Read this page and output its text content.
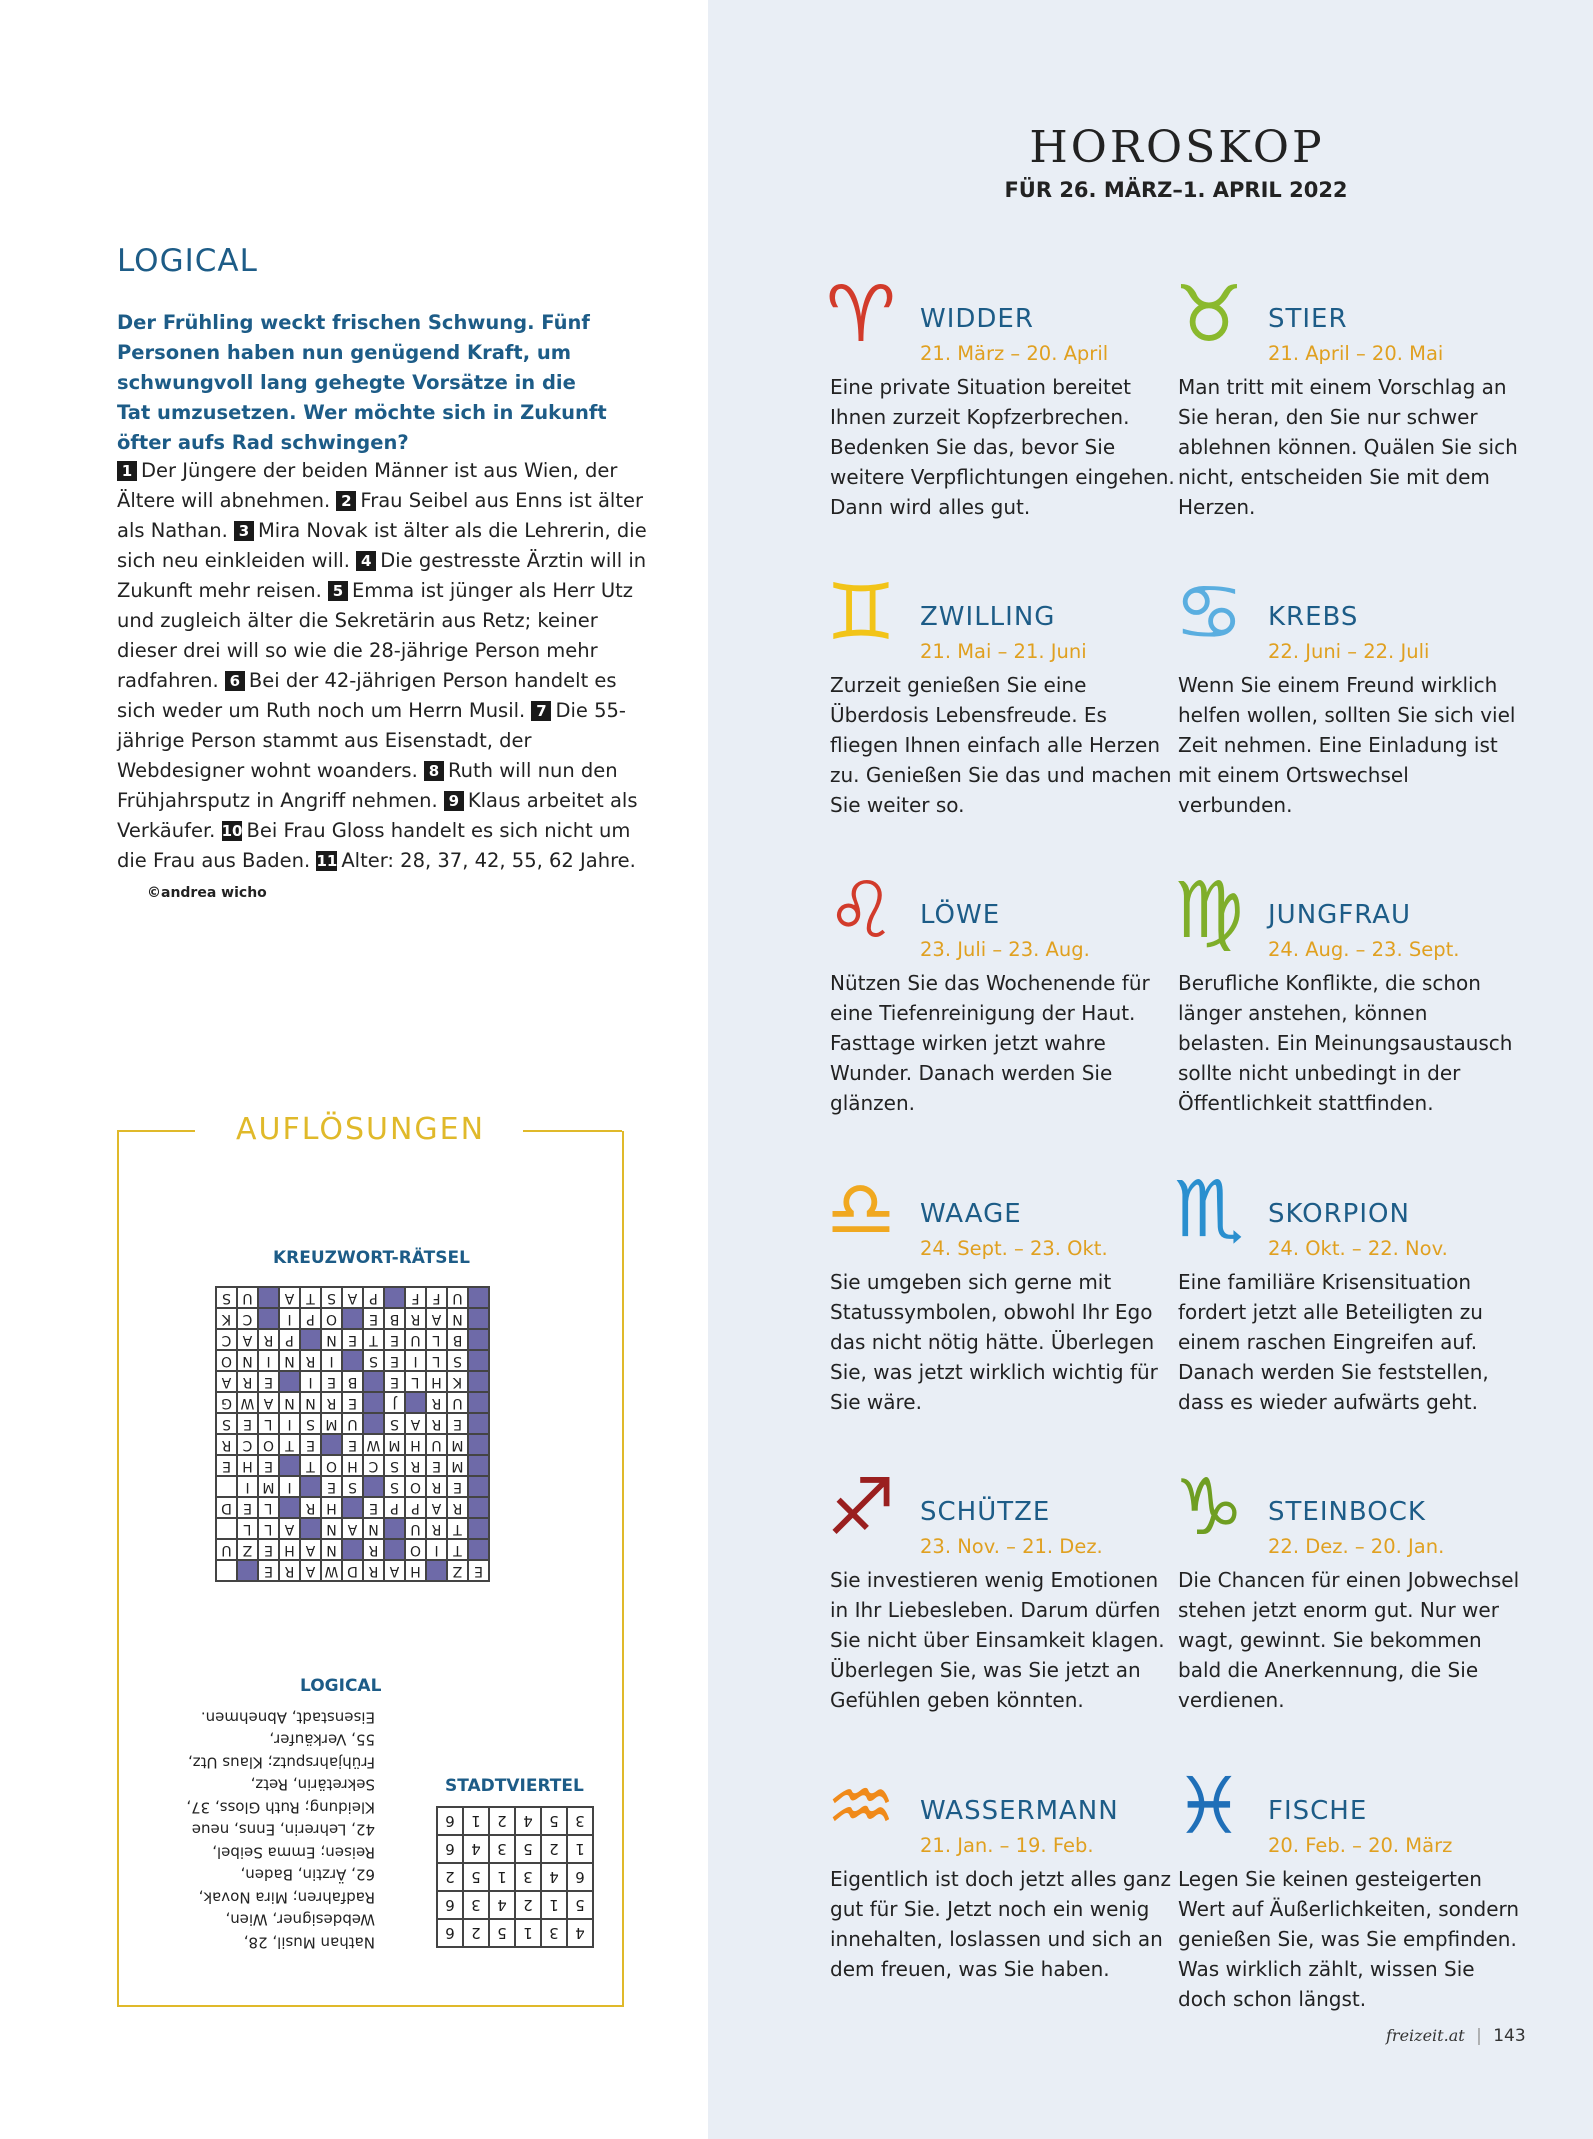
HOROSKOP
FÜR 26. MÄRZ–1. APRIL 2022
LOGICAL
Der Frühling weckt frischen Schwung. Fünf Personen haben nun genügend Kraft, um schwungvoll lang gehegte Vorsätze in die Tat umzusetzen. Wer möchte sich in Zukunft öfter aufs Rad schwingen?
1 Der Jüngere der beiden Männer ist aus Wien, der Ältere will abnehmen. 2 Frau Seibel aus Enns ist älter als Nathan. 3 Mira Novak ist älter als die Lehrerin, die sich neu einkleiden will. 4 Die gestresste Ärztin will in Zukunft mehr reisen. 5 Emma ist jünger als Herr Utz und zugleich älter die Sekretärin aus Retz; keiner dieser drei will so wie die 28-jährige Person mehr radfahren. 6 Bei der 42-jährigen Person handelt es sich weder um Ruth noch um Herrn Musil. 7 Die 55-jährige Person stammt aus Eisenstadt, der Webdesigner wohnt woanders. 8 Ruth will nun den Frühjahrsputz in Angriff nehmen. 9 Klaus arbeitet als Verkäufer. 10 Bei Frau Gloss handelt es sich nicht um die Frau aus Baden. 11 Alter: 28, 37, 42, 55, 62 Jahre. ©andrea wicho
AUFLÖSUNGEN
KREUZWORT-RÄTSEL
E
Z
H
A
R
D
W
A
R
E
T
I
O
R
N
A
H
E
Z
U
T
R
U
N
A
N
A
L
L
R
A
P
P
E
H
R
L
E
D
E
R
O
S
S
E
I
M
I
M
E
R
S
C
H
O
T
E
H
E
M
U
H
M
W
E
E
T
O
C
R
E
R
A
S
U
M
S
I
L
E
S
U
R
J
E
R
N
N
A
W
G
K
H
L
E
B
E
I
E
R
A
S
L
I
E
S
I
R
N
I
N
O
B
L
U
E
T
E
N
P
R
A
C
N
A
R
B
E
O
P
I
C
K
U
F
F
P
A
S
T
A
U
S
LOGICAL
Nathan Musil, 28, Webdesigner, Wien, Radfahren; Mira Novak, 62, Ärztin, Baden, Reisen; Emma Seibel, 42, Lehrerin, Enns, neue Kleidung; Ruth Gloss, 37, Sekretärin, Retz, Frühjahrsputz; Klaus Utz, 55, Verkäufer, Eisenstadt, Abnehmen.
STADTVIERTEL
4
3
1
5
2
6
5
1
2
4
3
6
6
4
3
1
5
2
1
2
5
3
4
6
3
5
4
2
1
6
♈ WIDDER
21. März – 20. April
Eine private Situation bereitet Ihnen zurzeit Kopfzerbrechen. Bedenken Sie das, bevor Sie weitere Verpflichtungen eingehen. Dann wird alles gut.
♉ STIER
21. April – 20. Mai
Man tritt mit einem Vorschlag an Sie heran, den Sie nur schwer ablehnen können. Quälen Sie sich nicht, entscheiden Sie mit dem Herzen.
♊ ZWILLING
21. Mai – 21. Juni
Zurzeit genießen Sie eine Überdosis Lebensfreude. Es fliegen Ihnen einfach alle Herzen zu. Genießen Sie das und machen Sie weiter so.
♋ KREBS
22. Juni – 22. Juli
Wenn Sie einem Freund wirklich helfen wollen, sollten Sie sich viel Zeit nehmen. Eine Einladung ist mit einem Ortswechsel verbunden.
♌ LÖWE
23. Juli – 23. Aug.
Nützen Sie das Wochenende für eine Tiefenreinigung der Haut. Fasttage wirken jetzt wahre Wunder. Danach werden Sie glänzen.
♍ JUNGFRAU
24. Aug. – 23. Sept.
Berufliche Konflikte, die schon länger anstehen, können belasten. Ein Meinungsaustausch sollte nicht unbedingt in der Öffentlichkeit stattfinden.
♎ WAAGE
24. Sept. – 23. Okt.
Sie umgeben sich gerne mit Statussymbolen, obwohl Ihr Ego das nicht nötig hätte. Überlegen Sie, was jetzt wirklich wichtig für Sie wäre.
♏ SKORPION
24. Okt. – 22. Nov.
Eine familiäre Krisensituation fordert jetzt alle Beteiligten zu einem raschen Eingreifen auf. Danach werden Sie feststellen, dass es wieder aufwärts geht.
♐ SCHÜTZE
23. Nov. – 21. Dez.
Sie investieren wenig Emotionen in Ihr Liebesleben. Darum dürfen Sie nicht über Einsamkeit klagen. Überlegen Sie, was Sie jetzt an Gefühlen geben könnten.
♑ STEINBOCK
22. Dez. – 20. Jan.
Die Chancen für einen Jobwechsel stehen jetzt enorm gut. Nur wer wagt, gewinnt. Sie bekommen bald die Anerkennung, die Sie verdienen.
♒ WASSERMANN
21. Jan. – 19. Feb.
Eigentlich ist doch jetzt alles ganz gut für Sie. Jetzt noch ein wenig innehalten, loslassen und sich an dem freuen, was Sie haben.
♓ FISCHE
20. Feb. – 20. März
Legen Sie keinen gesteigerten Wert auf Äußerlichkeiten, sondern genießen Sie, was Sie empfinden. Was wirklich zählt, wissen Sie doch schon längst.
freizeit.at | 143
